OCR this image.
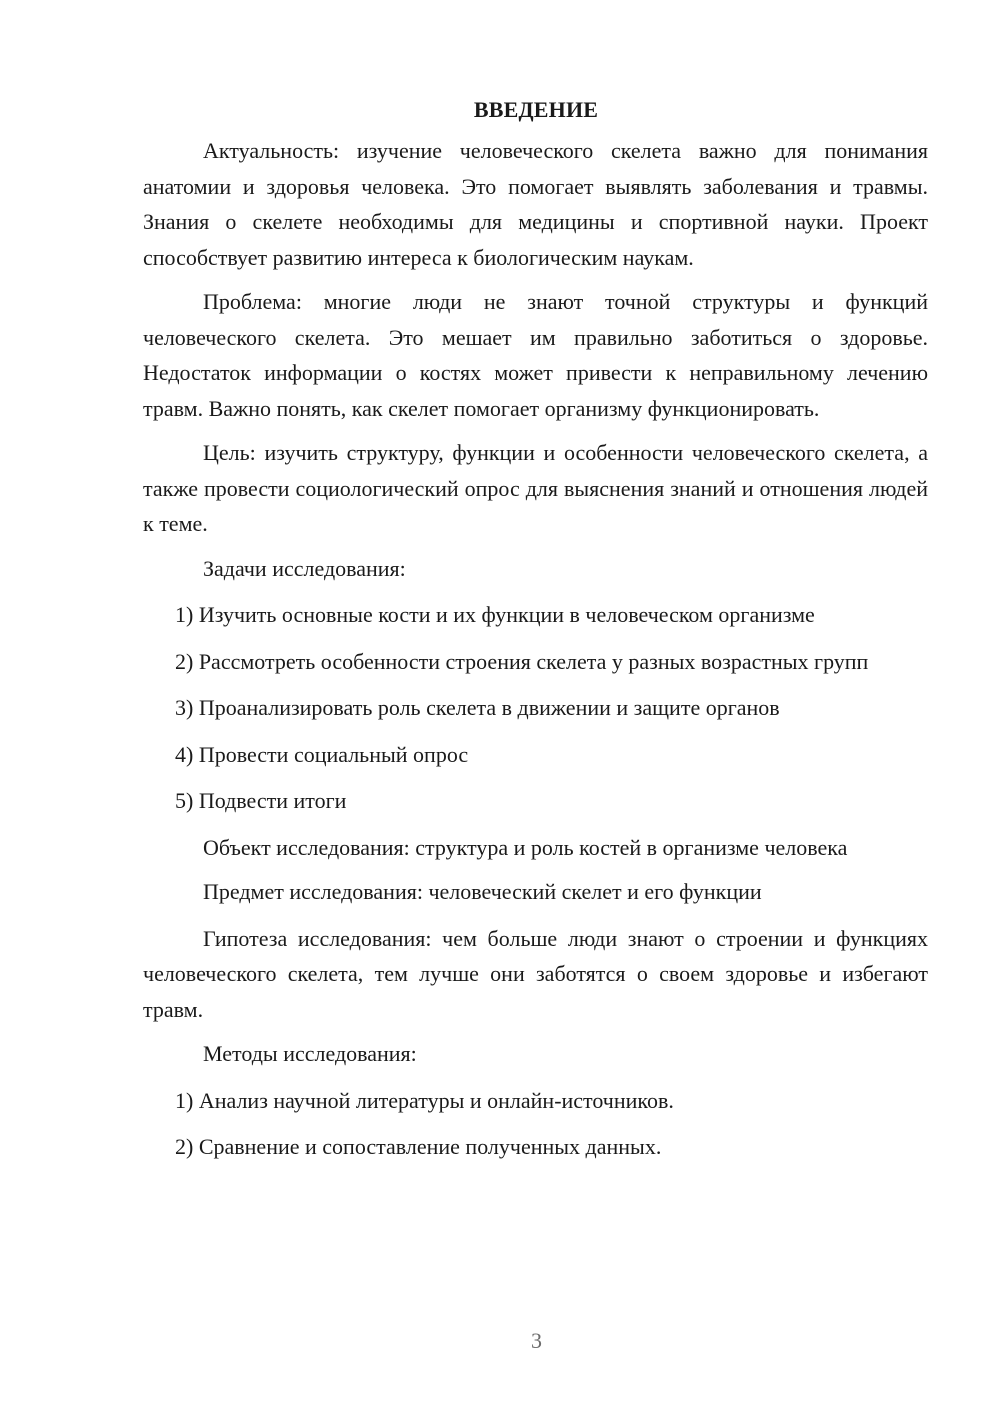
ВВЕДЕНИЕ

Актуальность: изучение человеческого скелета важно для понимания анатомии и здоровья человека. Это помогает выявлять заболевания и травмы. Знания о скелете необходимы для медицины и спортивной науки. Проект способствует развитию интереса к биологическим наукам.

Проблема: многие люди не знают точной структуры и функций человеческого скелета. Это мешает им правильно заботиться о здоровье. Недостаток информации о костях может привести к неправильному лечению травм. Важно понять, как скелет помогает организму функционировать.

Цель: изучить структуру, функции и особенности человеческого скелета, а также провести социологический опрос для выяснения знаний и отношения людей к теме.

Задачи исследования:

1) Изучить основные кости и их функции в человеческом организме

2) Рассмотреть особенности строения скелета у разных возрастных групп

3) Проанализировать роль скелета в движении и защите органов

4) Провести социальный опрос

5) Подвести итоги

Объект исследования: структура и роль костей в организме человека

Предмет исследования: человеческий скелет и его функции

Гипотеза исследования: чем больше люди знают о строении и функциях человеческого скелета, тем лучше они заботятся о своем здоровье и избегают травм.

Методы исследования:

1) Анализ научной литературы и онлайн-источников.

2) Сравнение и сопоставление полученных данных.

3
